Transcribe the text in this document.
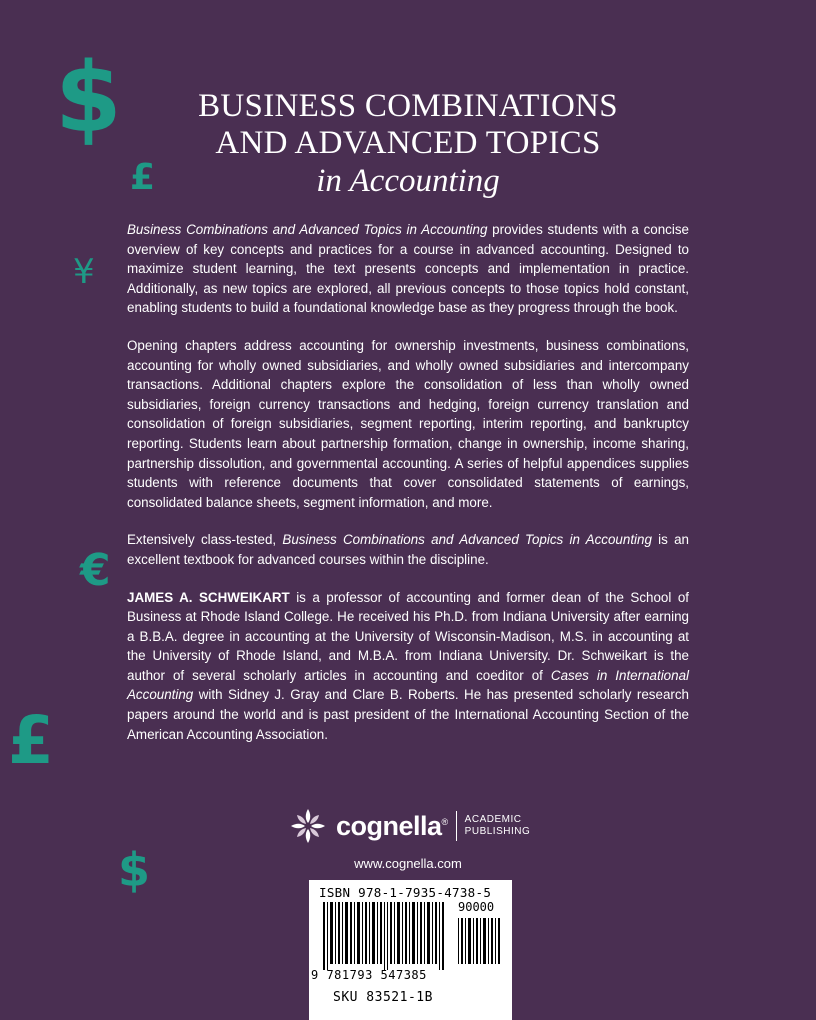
$
£
¥
€
£
$
BUSINESS COMBINATIONS
AND ADVANCED TOPICS
in Accounting

Business Combinations and Advanced Topics in Accounting provides students with a concise overview of key concepts and practices for a course in advanced accounting. Designed to maximize student learning, the text presents concepts and implementation in practice. Additionally, as new topics are explored, all previous concepts to those topics hold constant, enabling students to build a foundational knowledge base as they progress through the book.

Opening chapters address accounting for ownership investments, business combinations, accounting for wholly owned subsidiaries, and wholly owned subsidiaries and intercompany transactions. Additional chapters explore the consolidation of less than wholly owned subsidiaries, foreign currency transactions and hedging, foreign currency translation and consolidation of foreign subsidiaries, segment reporting, interim reporting, and bankruptcy reporting. Students learn about partnership formation, change in ownership, income sharing, partnership dissolution, and governmental accounting. A series of helpful appendices supplies students with reference documents that cover consolidated statements of earnings, consolidated balance sheets, segment information, and more.

Extensively class-tested, Business Combinations and Advanced Topics in Accounting is an excellent textbook for advanced courses within the discipline.

JAMES A. SCHWEIKART is a professor of accounting and former dean of the School of Business at Rhode Island College. He received his Ph.D. from Indiana University after earning a B.B.A. degree in accounting at the University of Wisconsin-Madison, M.S. in accounting at the University of Rhode Island, and M.B.A. from Indiana University. Dr. Schweikart is the author of several scholarly articles in accounting and coeditor of Cases in International Accounting with Sidney J. Gray and Clare B. Roberts. He has presented scholarly research papers around the world and is past president of the International Accounting Section of the American Accounting Association.

cognella® ACADEMIC
PUBLISHING
www.cognella.com
ISBN 978-1-7935-4738-5
90000
9 781793 547385
SKU 83521-1B
